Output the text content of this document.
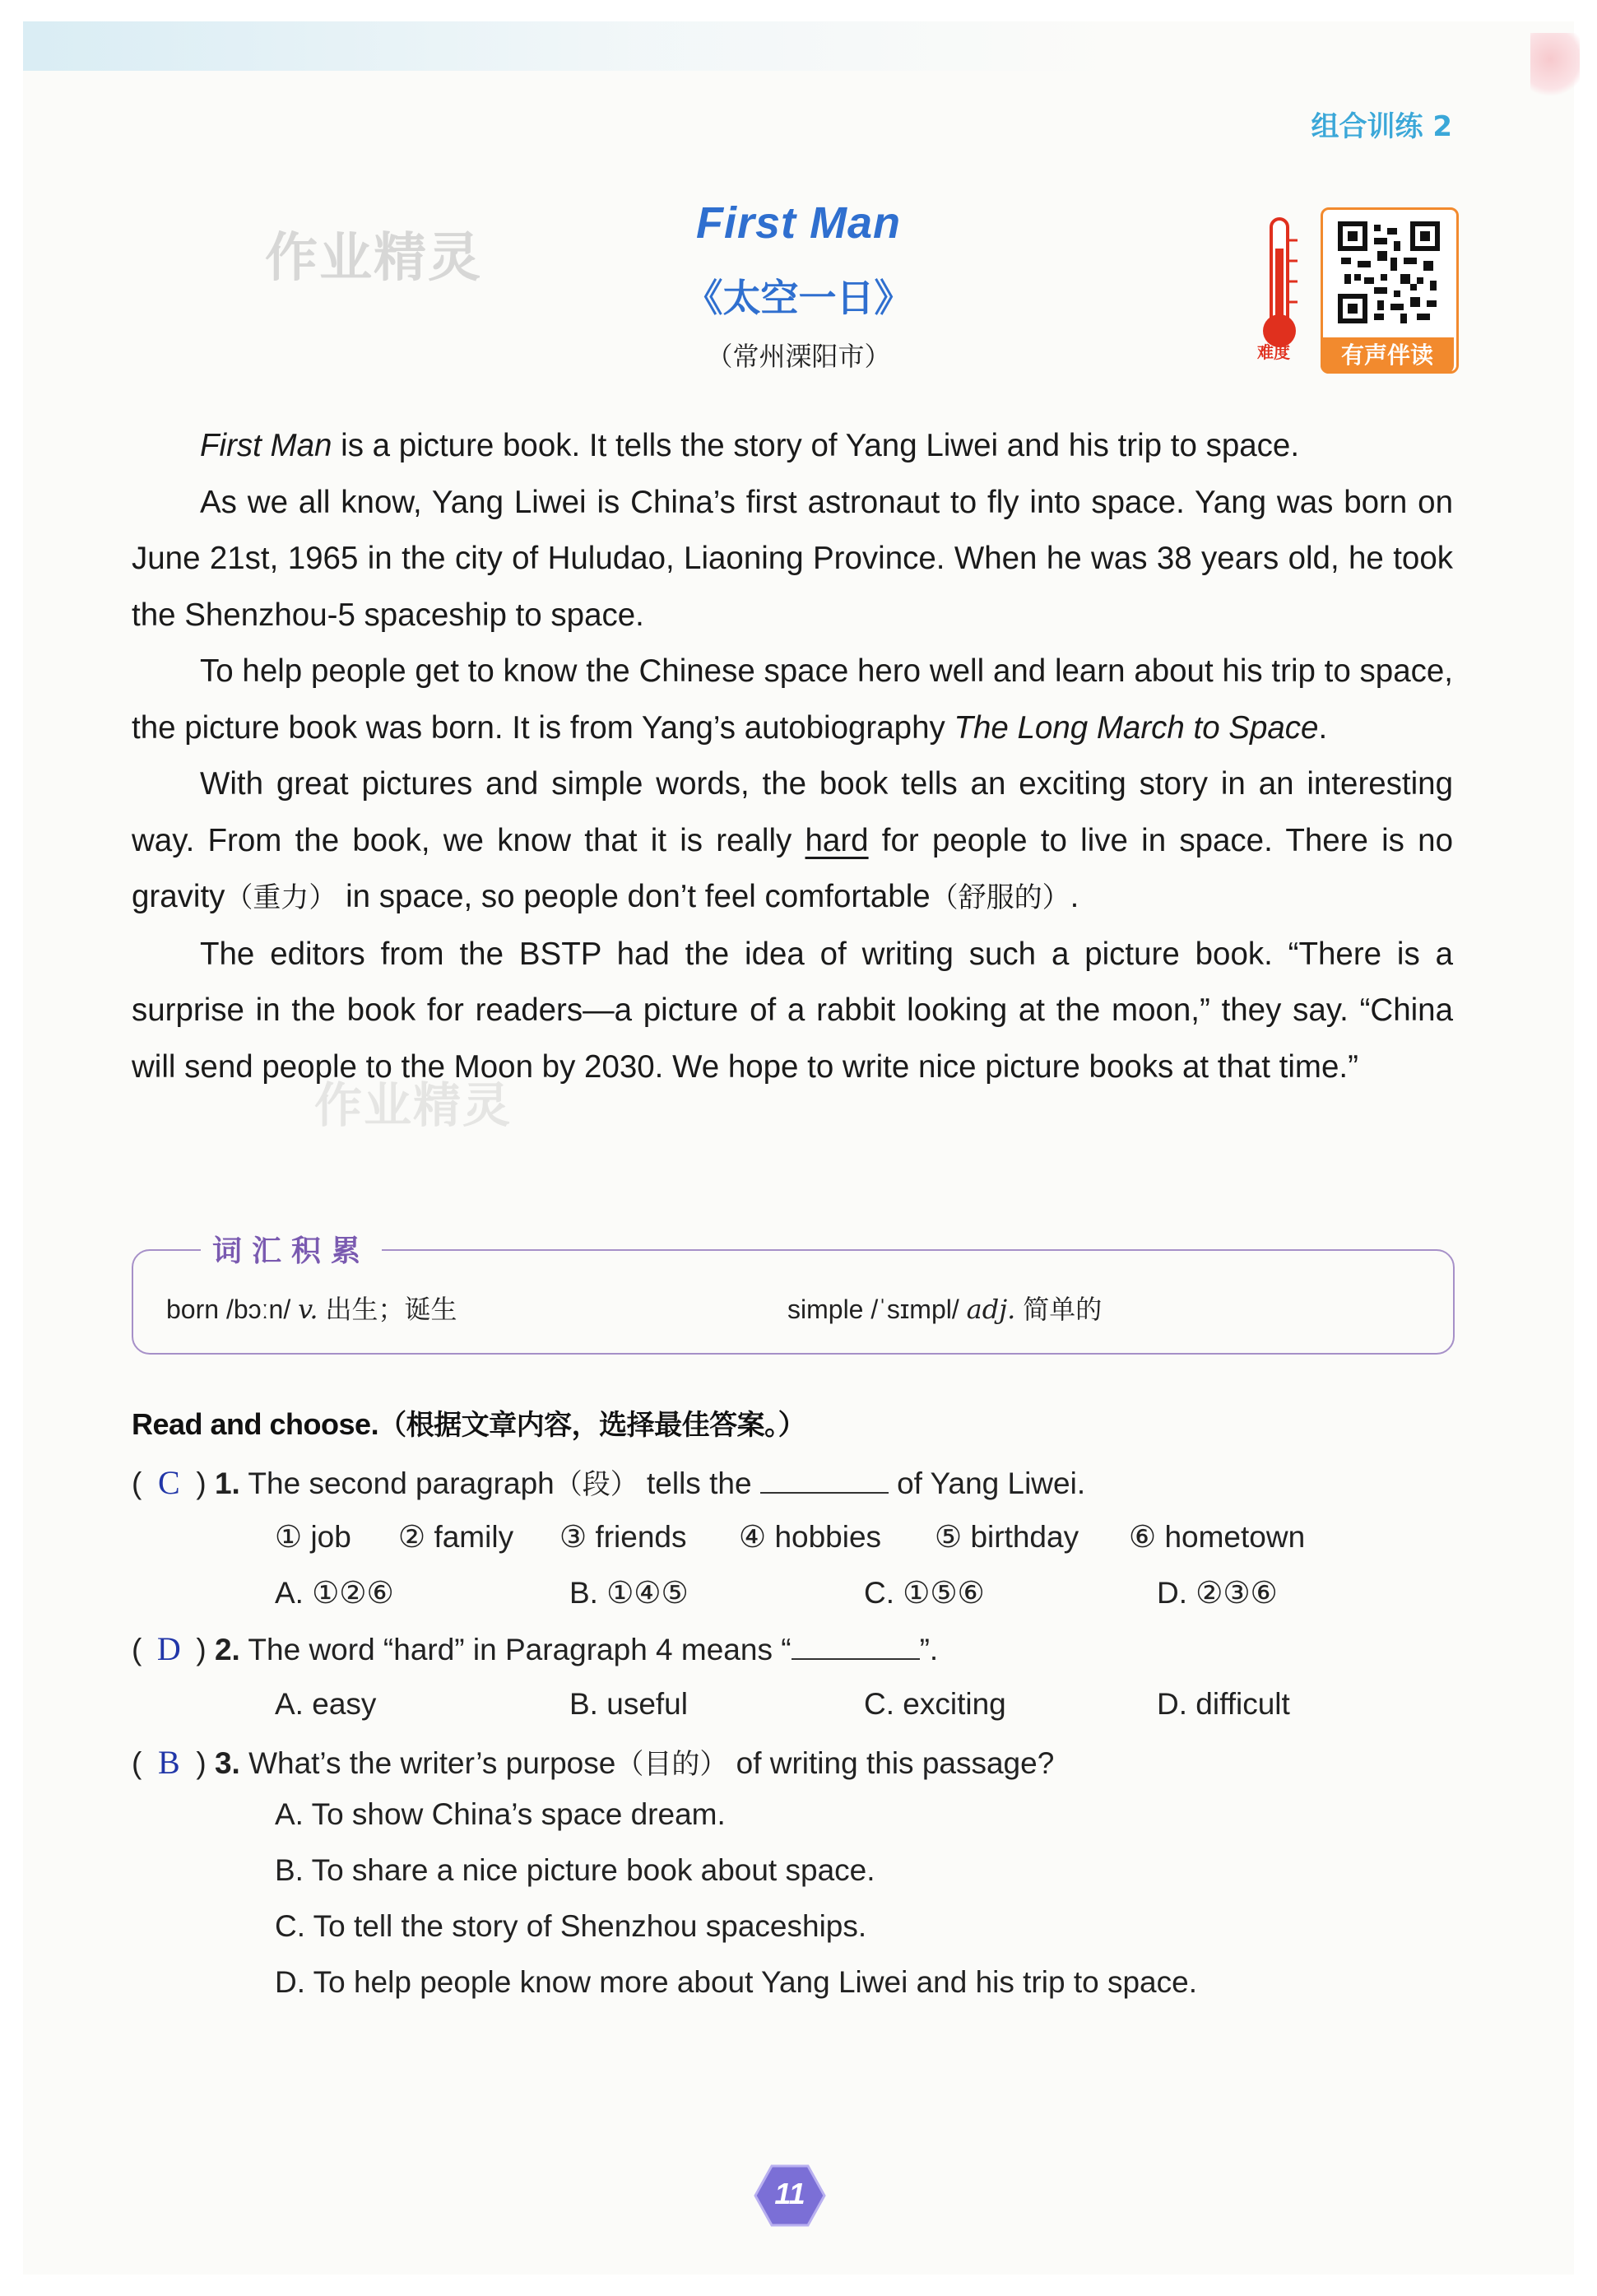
组合训练 2
作业精灵
作业精灵
First Man
《太空一日》
（常州溧阳市）	难度	有声伴读

First Man is a picture book. It tells the story of Yang Liwei and his trip to space.

As we all know, Yang Liwei is China’s first astronaut to fly into space. Yang was born on June 21st, 1965 in the city of Huludao, Liaoning Province. When he was 38 years old, he took the Shenzhou-5 spaceship to space.

To help people get to know the Chinese space hero well and learn about his trip to space, the picture book was born. It is from Yang’s autobiography The Long March to Space.

With great pictures and simple words, the book tells an exciting story in an interesting way. From the book, we know that it is really hard for people to live in space. There is no gravity（重力） in space, so people don’t feel comfortable（舒服的）.

The editors from the BSTP had the idea of writing such a picture book. “There is a surprise in the book for readers—a picture of a rabbit looking at the moon,” they say. “China will send people to the Moon by 2030. We hope to write nice picture books at that time.”

词汇积累
born /bɔːn/ v. 出生；诞生	simple /ˈsɪmpl/ adj. 简单的
Read and choose.（根据文章内容，选择最佳答案。）
( C ) 1. The second paragraph（段） tells the	of Yang Liwei.
① job ② family ③ friends ④ hobbies ⑤ birthday ⑥ hometown
A. ①②⑥	B. ①④⑤	C. ①⑤⑥	D. ②③⑥
( D ) 2. The word “hard” in Paragraph 4 means “	”.
A. easy	B. useful	C. exciting	D. difficult
( B ) 3. What’s the writer’s purpose（目的） of writing this passage?
A. To show China’s space dream.
B. To share a nice picture book about space.
C. To tell the story of Shenzhou spaceships.
D. To help people know more about Yang Liwei and his trip to space.
11
